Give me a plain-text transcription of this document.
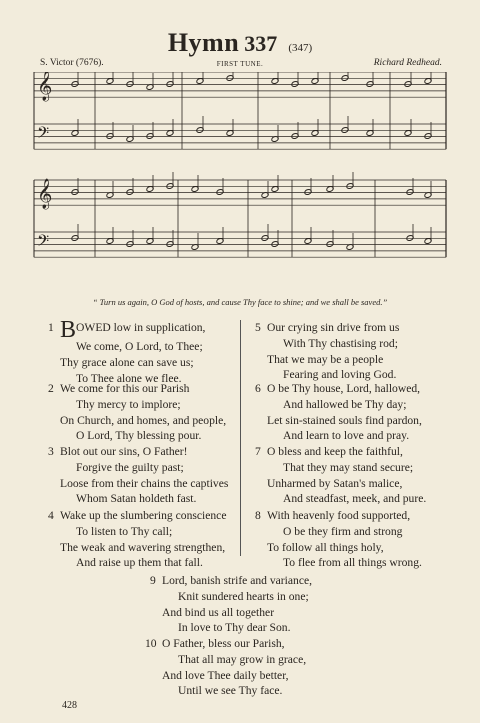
Hymn 337 (347)
S. Victor (7676).	FIRST TUNE.	Richard Redhead.
𝄞
𝄞
𝄢
𝄢
“ Turn us again, O God of hosts, and cause Thy face to shine; and we shall be saved.”
1 BOWED low in supplication,
We come, O Lord, to Thee;
Thy grace alone can save us;
To Thee alone we flee.
2 We come for this our Parish
Thy mercy to implore;
On Church, and homes, and people,
O Lord, Thy blessing pour.
3 Blot out our sins, O Father!
Forgive the guilty past;
Loose from their chains the captives
Whom Satan holdeth fast.
4 Wake up the slumbering conscience
To listen to Thy call;
The weak and wavering strengthen,
And raise up them that fall.
5 Our crying sin drive from us
With Thy chastising rod;
That we may be a people
Fearing and loving God.
6 O be Thy house, Lord, hallowed,
And hallowed be Thy day;
Let sin-stained souls find pardon,
And learn to love and pray.
7 O bless and keep the faithful,
That they may stand secure;
Unharmed by Satan's malice,
And steadfast, meek, and pure.
8 With heavenly food supported,
O be they firm and strong
To follow all things holy,
To flee from all things wrong.
9 Lord, banish strife and variance,
Knit sundered hearts in one;
And bind us all together
In love to Thy dear Son.
10 O Father, bless our Parish,
That all may grow in grace,
And love Thee daily better,
Until we see Thy face.
428
